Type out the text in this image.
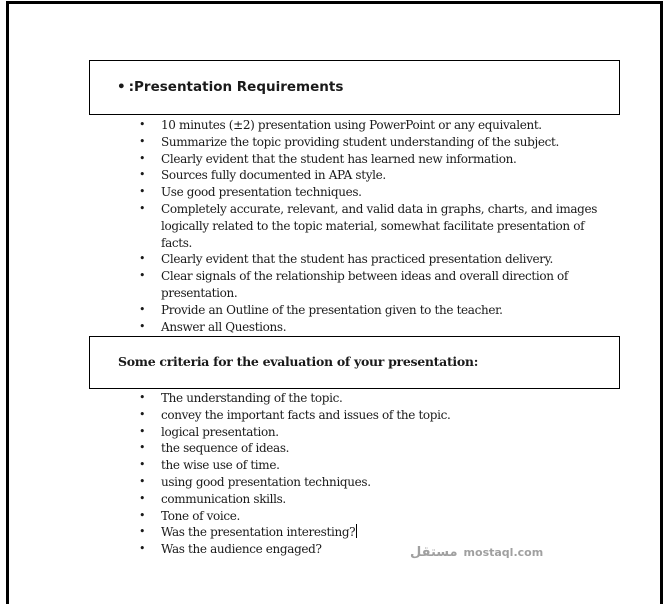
• :Presentation Requirements
• 10 minutes (±2) presentation using PowerPoint or any equivalent.
• Summarize the topic providing student understanding of the subject.
• Clearly evident that the student has learned new information.
• Sources fully documented in APA style.
• Use good presentation techniques.
• Completely accurate, relevant, and valid data in graphs, charts, and images logically related to the topic material, somewhat facilitate presentation of facts.
• Clearly evident that the student has practiced presentation delivery.
• Clear signals of the relationship between ideas and overall direction of presentation.
• Provide an Outline of the presentation given to the teacher.
• Answer all Questions.
Some criteria for the evaluation of your presentation:
• The understanding of the topic.
• convey the important facts and issues of the topic.
• logical presentation.
• the sequence of ideas.
• the wise use of time.
• using good presentation techniques.
• communication skills.
• Tone of voice.
• Was the presentation interesting?
• Was the audience engaged?	مستقل mostaql.com
